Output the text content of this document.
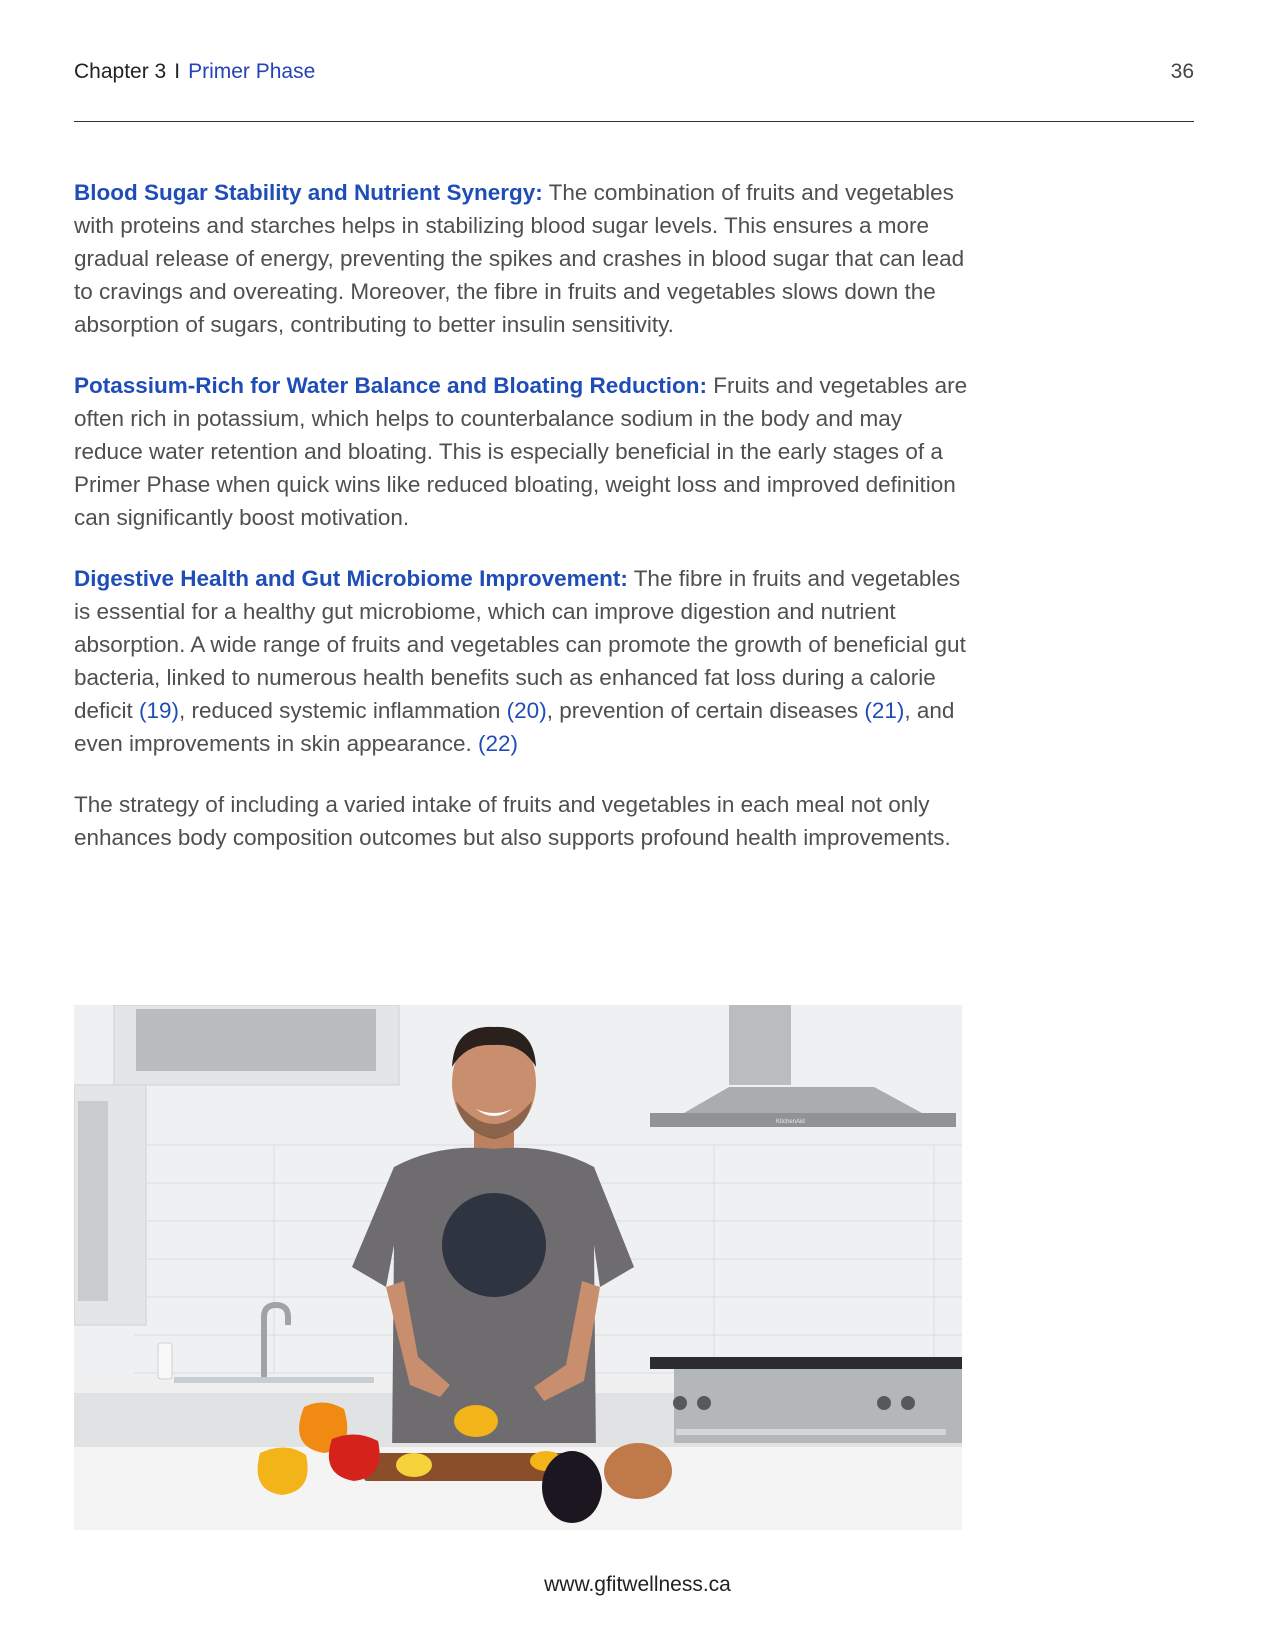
Chapter 3 I Primer Phase	36

Blood Sugar Stability and Nutrient Synergy: The combination of fruits and vegetables with proteins and starches helps in stabilizing blood sugar levels. This ensures a more gradual release of energy, preventing the spikes and crashes in blood sugar that can lead to cravings and overeating. Moreover, the fibre in fruits and vegetables slows down the absorption of sugars, contributing to better insulin sensitivity.

Potassium-Rich for Water Balance and Bloating Reduction: Fruits and vegetables are often rich in potassium, which helps to counterbalance sodium in the body and may reduce water retention and bloating. This is especially beneficial in the early stages of a Primer Phase when quick wins like reduced bloating, weight loss and improved definition can significantly boost motivation.

Digestive Health and Gut Microbiome Improvement: The fibre in fruits and vegetables is essential for a healthy gut microbiome, which can improve digestion and nutrient absorption. A wide range of fruits and vegetables can promote the growth of beneficial gut bacteria, linked to numerous health benefits such as enhanced fat loss during a calorie deficit (19), reduced systemic inflammation (20), prevention of certain diseases (21), and even improvements in skin appearance. (22)

The strategy of including a varied intake of fruits and vegetables in each meal not only enhances body composition outcomes but also supports profound health improvements.

KitchenAid
www.gfitwellness.ca
